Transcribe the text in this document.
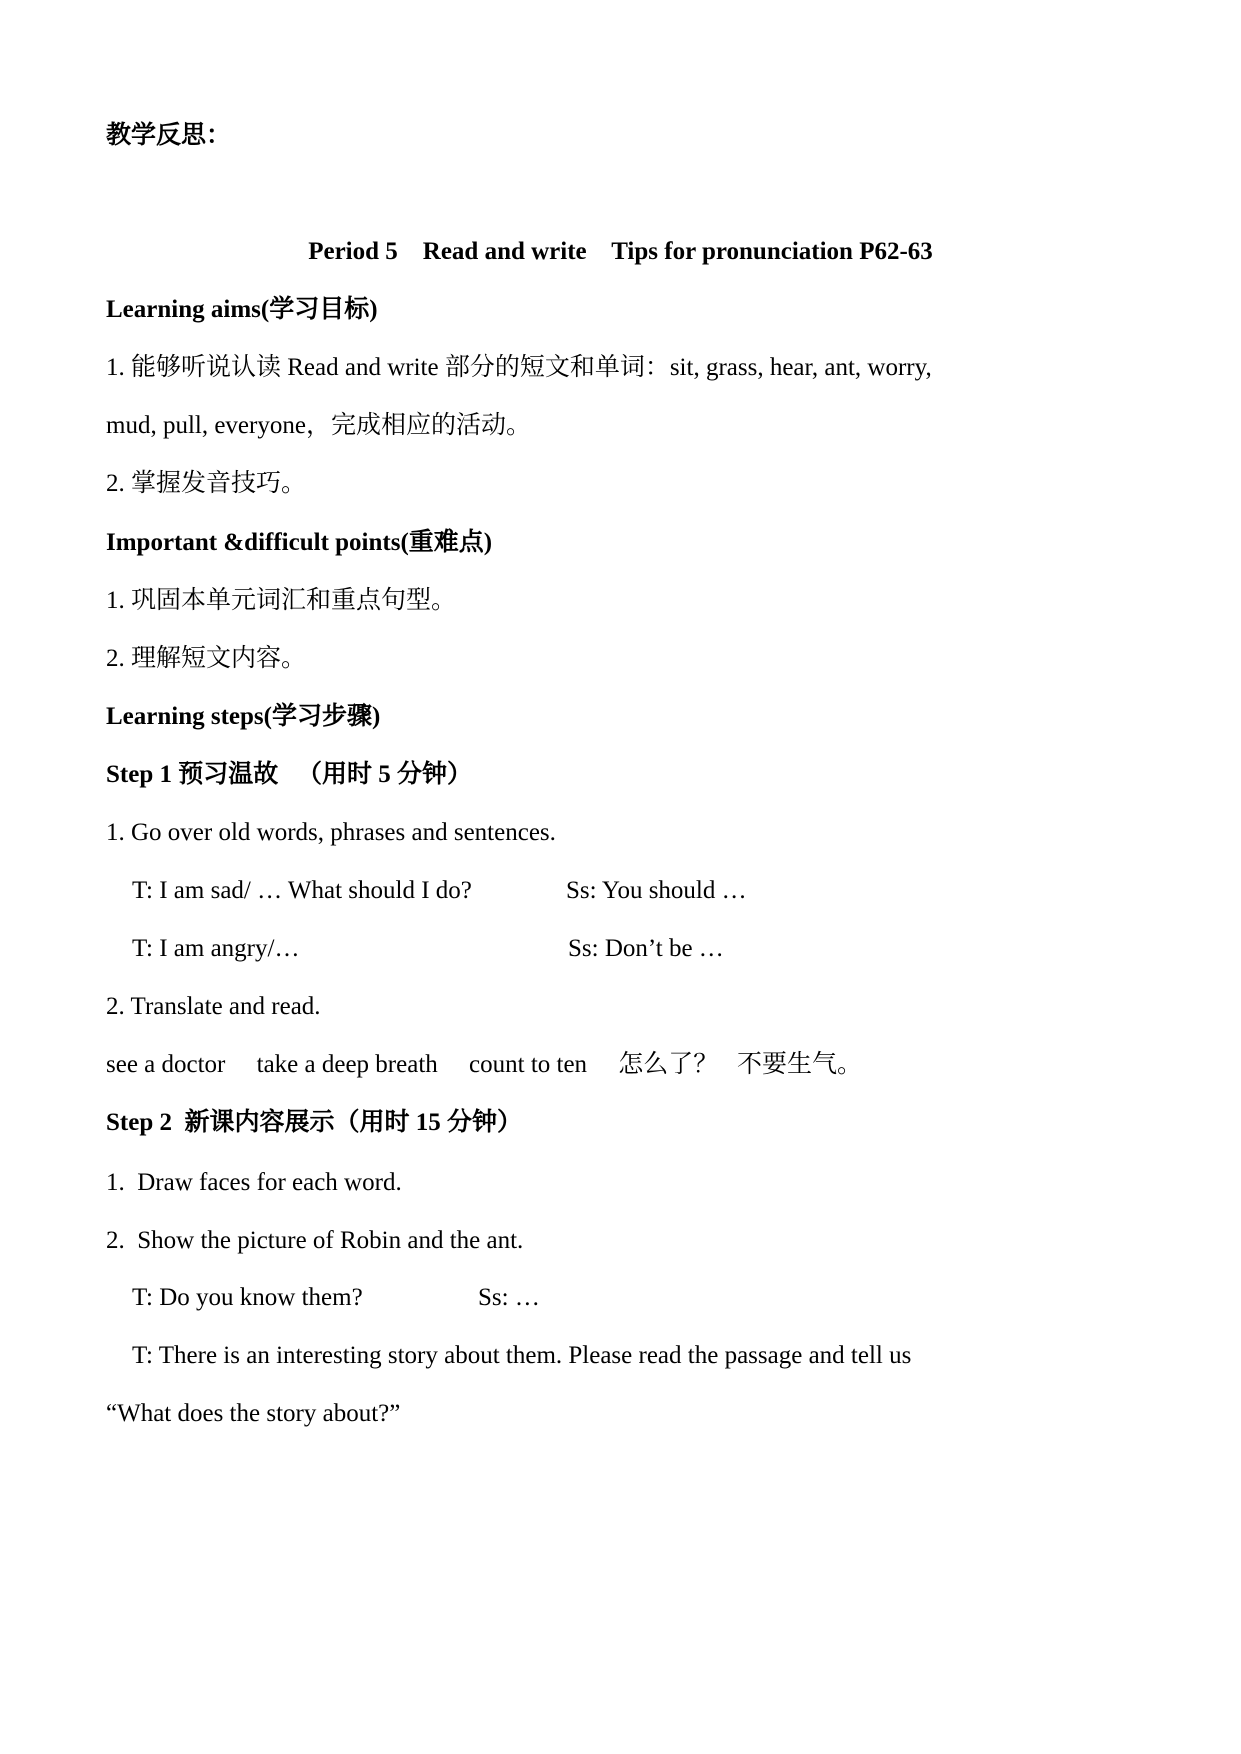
教学反思：
Period 5    Read and write    Tips for pronunciation P62-63
Learning aims(学习目标)
1. 能够听说认读 Read and write 部分的短文和单词：sit, grass, hear, ant, worry,
mud, pull, everyone，完成相应的活动。
2. 掌握发音技巧。
Important &difficult points(重难点)
1. 巩固本单元词汇和重点句型。
2. 理解短文内容。
Learning steps(学习步骤)
Step 1 预习温故   （用时 5 分钟）
1. Go over old words, phrases and sentences.
T: I am sad/ … What should I do?	Ss: You should …
T: I am angry/…	Ss: Don’t be …
2. Translate and read.
see a doctor     take a deep breath     count to ten     怎么了？   不要生气。
Step 2  新课内容展示（用时 15 分钟）
1.  Draw faces for each word.
2.  Show the picture of Robin and the ant.
T: Do you know them?	Ss: …
T: There is an interesting story about them. Please read the passage and tell us
“What does the story about?”
